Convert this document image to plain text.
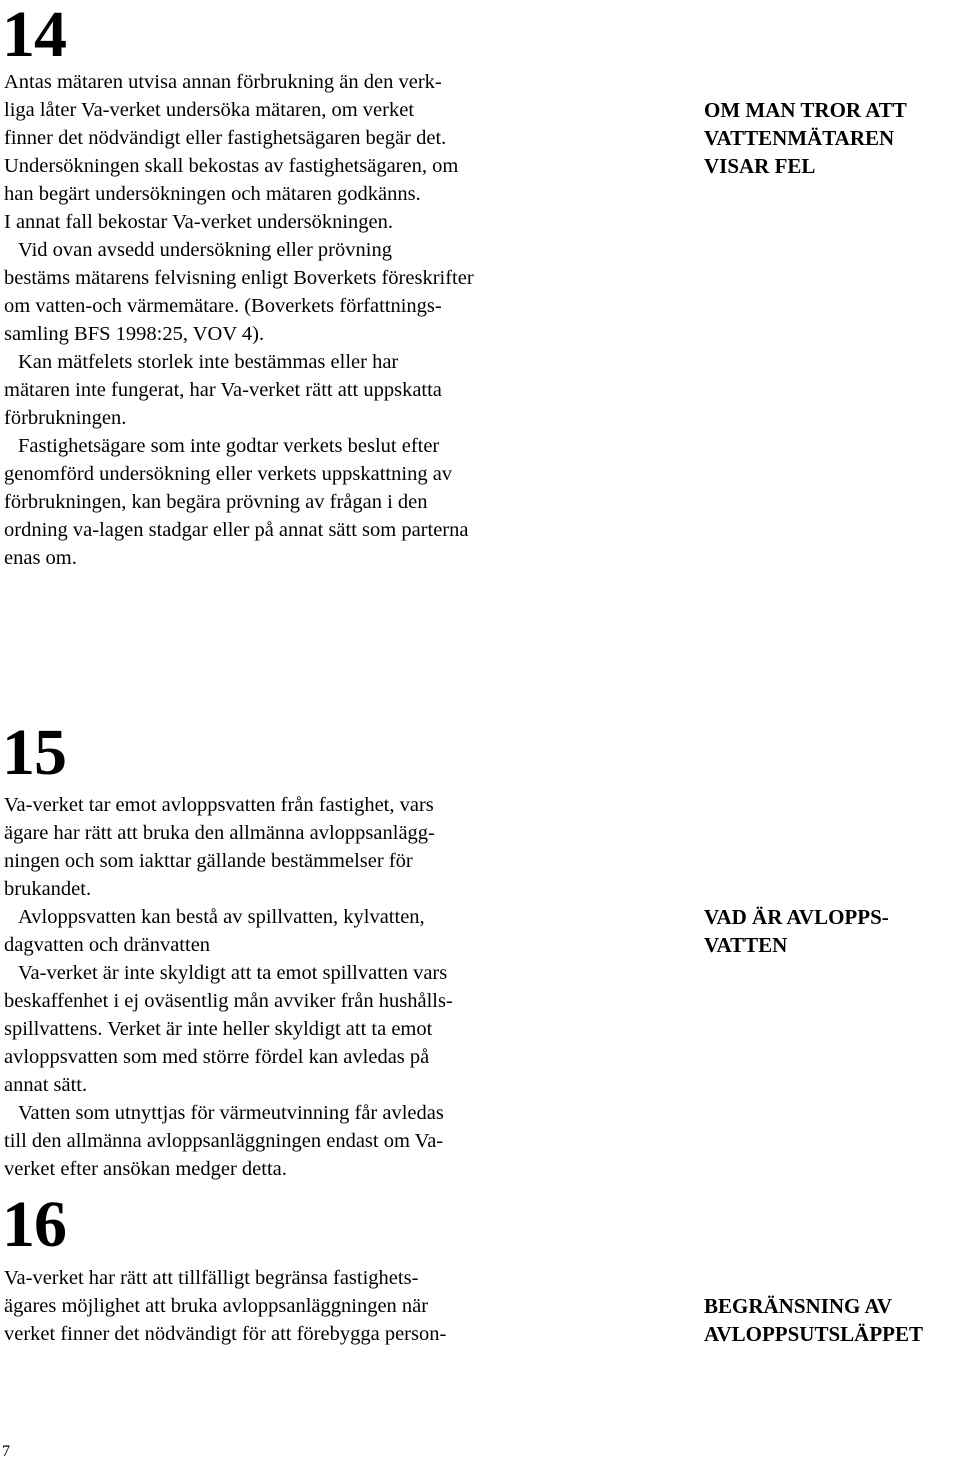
14

Antas mätaren utvisa annan förbrukning än den verk-
liga låter Va-verket undersöka mätaren, om verket
finner det nödvändigt eller fastighetsägaren begär det.
Undersökningen skall bekostas av fastighetsägaren, om
han begärt undersökningen och mätaren godkänns.
I annat fall bekostar Va-verket undersökningen.

Vid ovan avsedd undersökning eller prövning
bestäms mätarens felvisning enligt Boverkets föreskrifter
om vatten-och värmemätare. (Boverkets författnings-
samling BFS 1998:25, VOV 4).

Kan mätfelets storlek inte bestämmas eller har
mätaren inte fungerat, har Va-verket rätt att uppskatta
förbrukningen.

Fastighetsägare som inte godtar verkets beslut efter
genomförd undersökning eller verkets uppskattning av
förbrukningen, kan begära prövning av frågan i den
ordning va-lagen stadgar eller på annat sätt som parterna
enas om.

OM MAN TROR ATT
VATTENMÄTAREN
VISAR FEL
15

Va-verket tar emot avloppsvatten från fastighet, vars
ägare har rätt att bruka den allmänna avloppsanlägg-
ningen och som iakttar gällande bestämmelser för
brukandet.

Avloppsvatten kan bestå av spillvatten, kylvatten,
dagvatten och dränvatten

Va-verket är inte skyldigt att ta emot spillvatten vars
beskaffenhet i ej oväsentlig mån avviker från hushålls-
spillvattens. Verket är inte heller skyldigt att ta emot
avloppsvatten som med större fördel kan avledas på
annat sätt.

Vatten som utnyttjas för värmeutvinning får avledas
till den allmänna avloppsanläggningen endast om Va-
verket efter ansökan medger detta.

VAD ÄR AVLOPPS-
VATTEN
16

Va-verket har rätt att tillfälligt begränsa fastighets-
ägares möjlighet att bruka avloppsanläggningen när
verket finner det nödvändigt för att förebygga person-

BEGRÄNSNING AV
AVLOPPSUTSLÄPPET
7
